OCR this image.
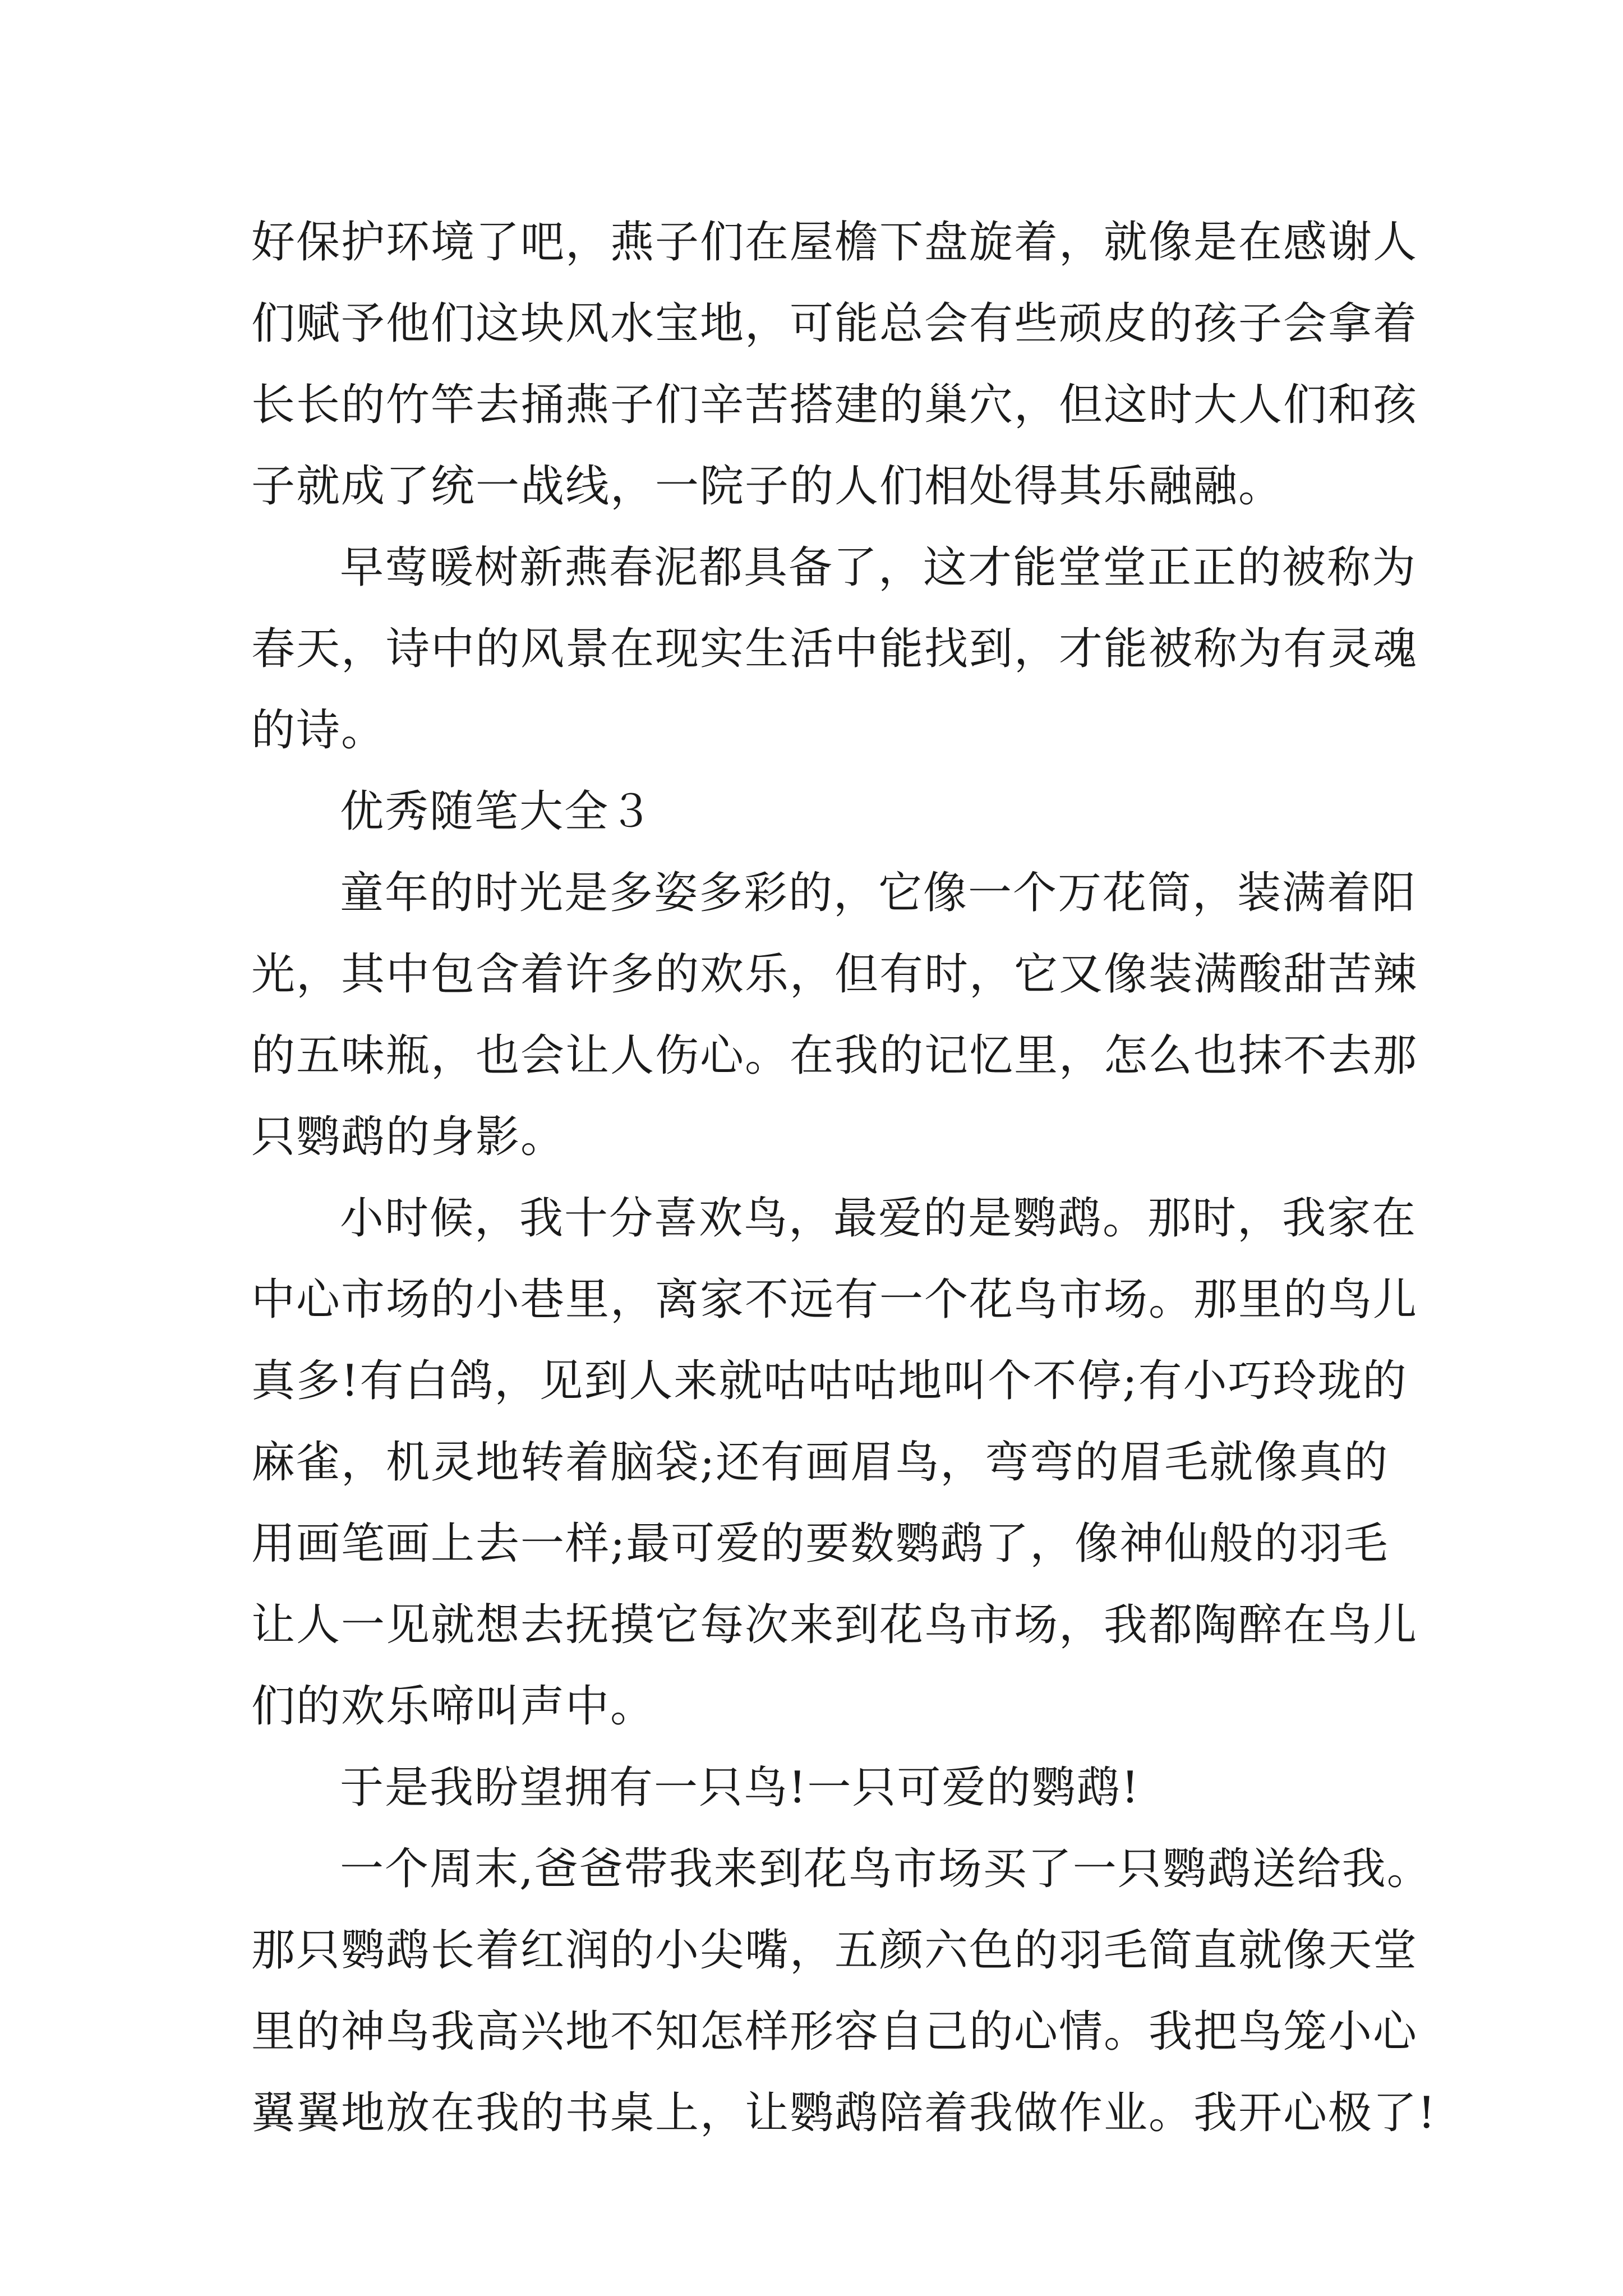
好保护环境了吧，燕子们在屋檐下盘旋着，就像是在感谢人
们赋予他们这块风水宝地，可能总会有些顽皮的孩子会拿着
长长的竹竿去捅燕子们辛苦搭建的巢穴，但这时大人们和孩
子就成了统一战线，一院子的人们相处得其乐融融。
早莺暖树新燕春泥都具备了，这才能堂堂正正的被称为
春天，诗中的风景在现实生活中能找到，才能被称为有灵魂
的诗。
优秀随笔大全３
童年的时光是多姿多彩的，它像一个万花筒，装满着阳
光，其中包含着许多的欢乐，但有时，它又像装满酸甜苦辣
的五味瓶，也会让人伤心。在我的记忆里，怎么也抹不去那
只鹦鹉的身影。
小时候，我十分喜欢鸟，最爱的是鹦鹉。那时，我家在
中心市场的小巷里，离家不远有一个花鸟市场。那里的鸟儿
真多!有白鸽，见到人来就咕咕咕地叫个不停;有小巧玲珑的
麻雀，机灵地转着脑袋;还有画眉鸟，弯弯的眉毛就像真的
用画笔画上去一样;最可爱的要数鹦鹉了，像神仙般的羽毛
让人一见就想去抚摸它每次来到花鸟市场，我都陶醉在鸟儿
们的欢乐啼叫声中。
于是我盼望拥有一只鸟!一只可爱的鹦鹉!
一个周末,爸爸带我来到花鸟市场买了一只鹦鹉送给我。
那只鹦鹉长着红润的小尖嘴，五颜六色的羽毛简直就像天堂
里的神鸟我高兴地不知怎样形容自己的心情。我把鸟笼小心
翼翼地放在我的书桌上，让鹦鹉陪着我做作业。我开心极了!
